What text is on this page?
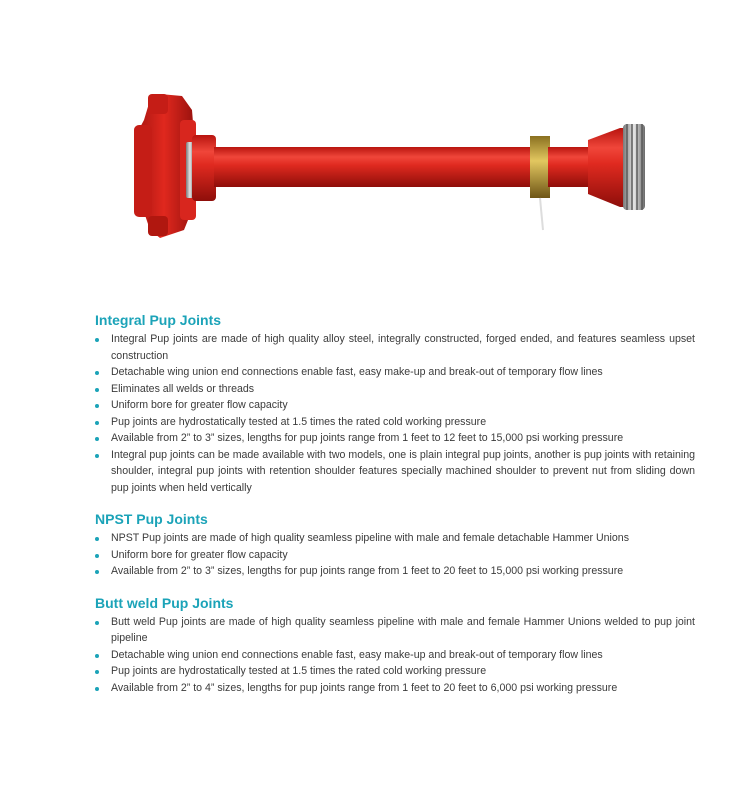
Integral Pup Joints
Integral Pup joints are made of high quality alloy steel, integrally constructed, forged ended, and features seamless upset construction
Detachable wing union end connections enable fast, easy make-up and break-out of temporary flow lines
Eliminates all welds or threads
Uniform bore for greater flow capacity
Pup joints are hydrostatically tested at 1.5 times the rated cold working pressure
Available from 2” to 3” sizes, lengths for pup joints range from 1 feet to 12 feet to 15,000 psi working pressure
Integral pup joints can be made available with two models, one is plain integral pup joints, another is pup joints with retaining shoulder, integral pup joints with retention shoulder features specially machined shoulder to prevent nut from sliding down pup joints when held vertically
NPST Pup Joints
NPST Pup joints are made of high quality seamless pipeline with male and female detachable Hammer Unions
Uniform bore for greater flow capacity
Available from 2” to 3” sizes, lengths for pup joints range from 1 feet to 20 feet to 15,000 psi working pressure
Butt weld Pup Joints
Butt weld Pup joints are made of high quality seamless pipeline with male and female Hammer Unions welded to pup joint pipeline
Detachable wing union end connections enable fast, easy make-up and break-out of temporary flow lines
Pup joints are hydrostatically tested at 1.5 times the rated cold working pressure
Available from 2” to 4” sizes, lengths for pup joints range from 1 feet to 20 feet to 6,000 psi working pressure
